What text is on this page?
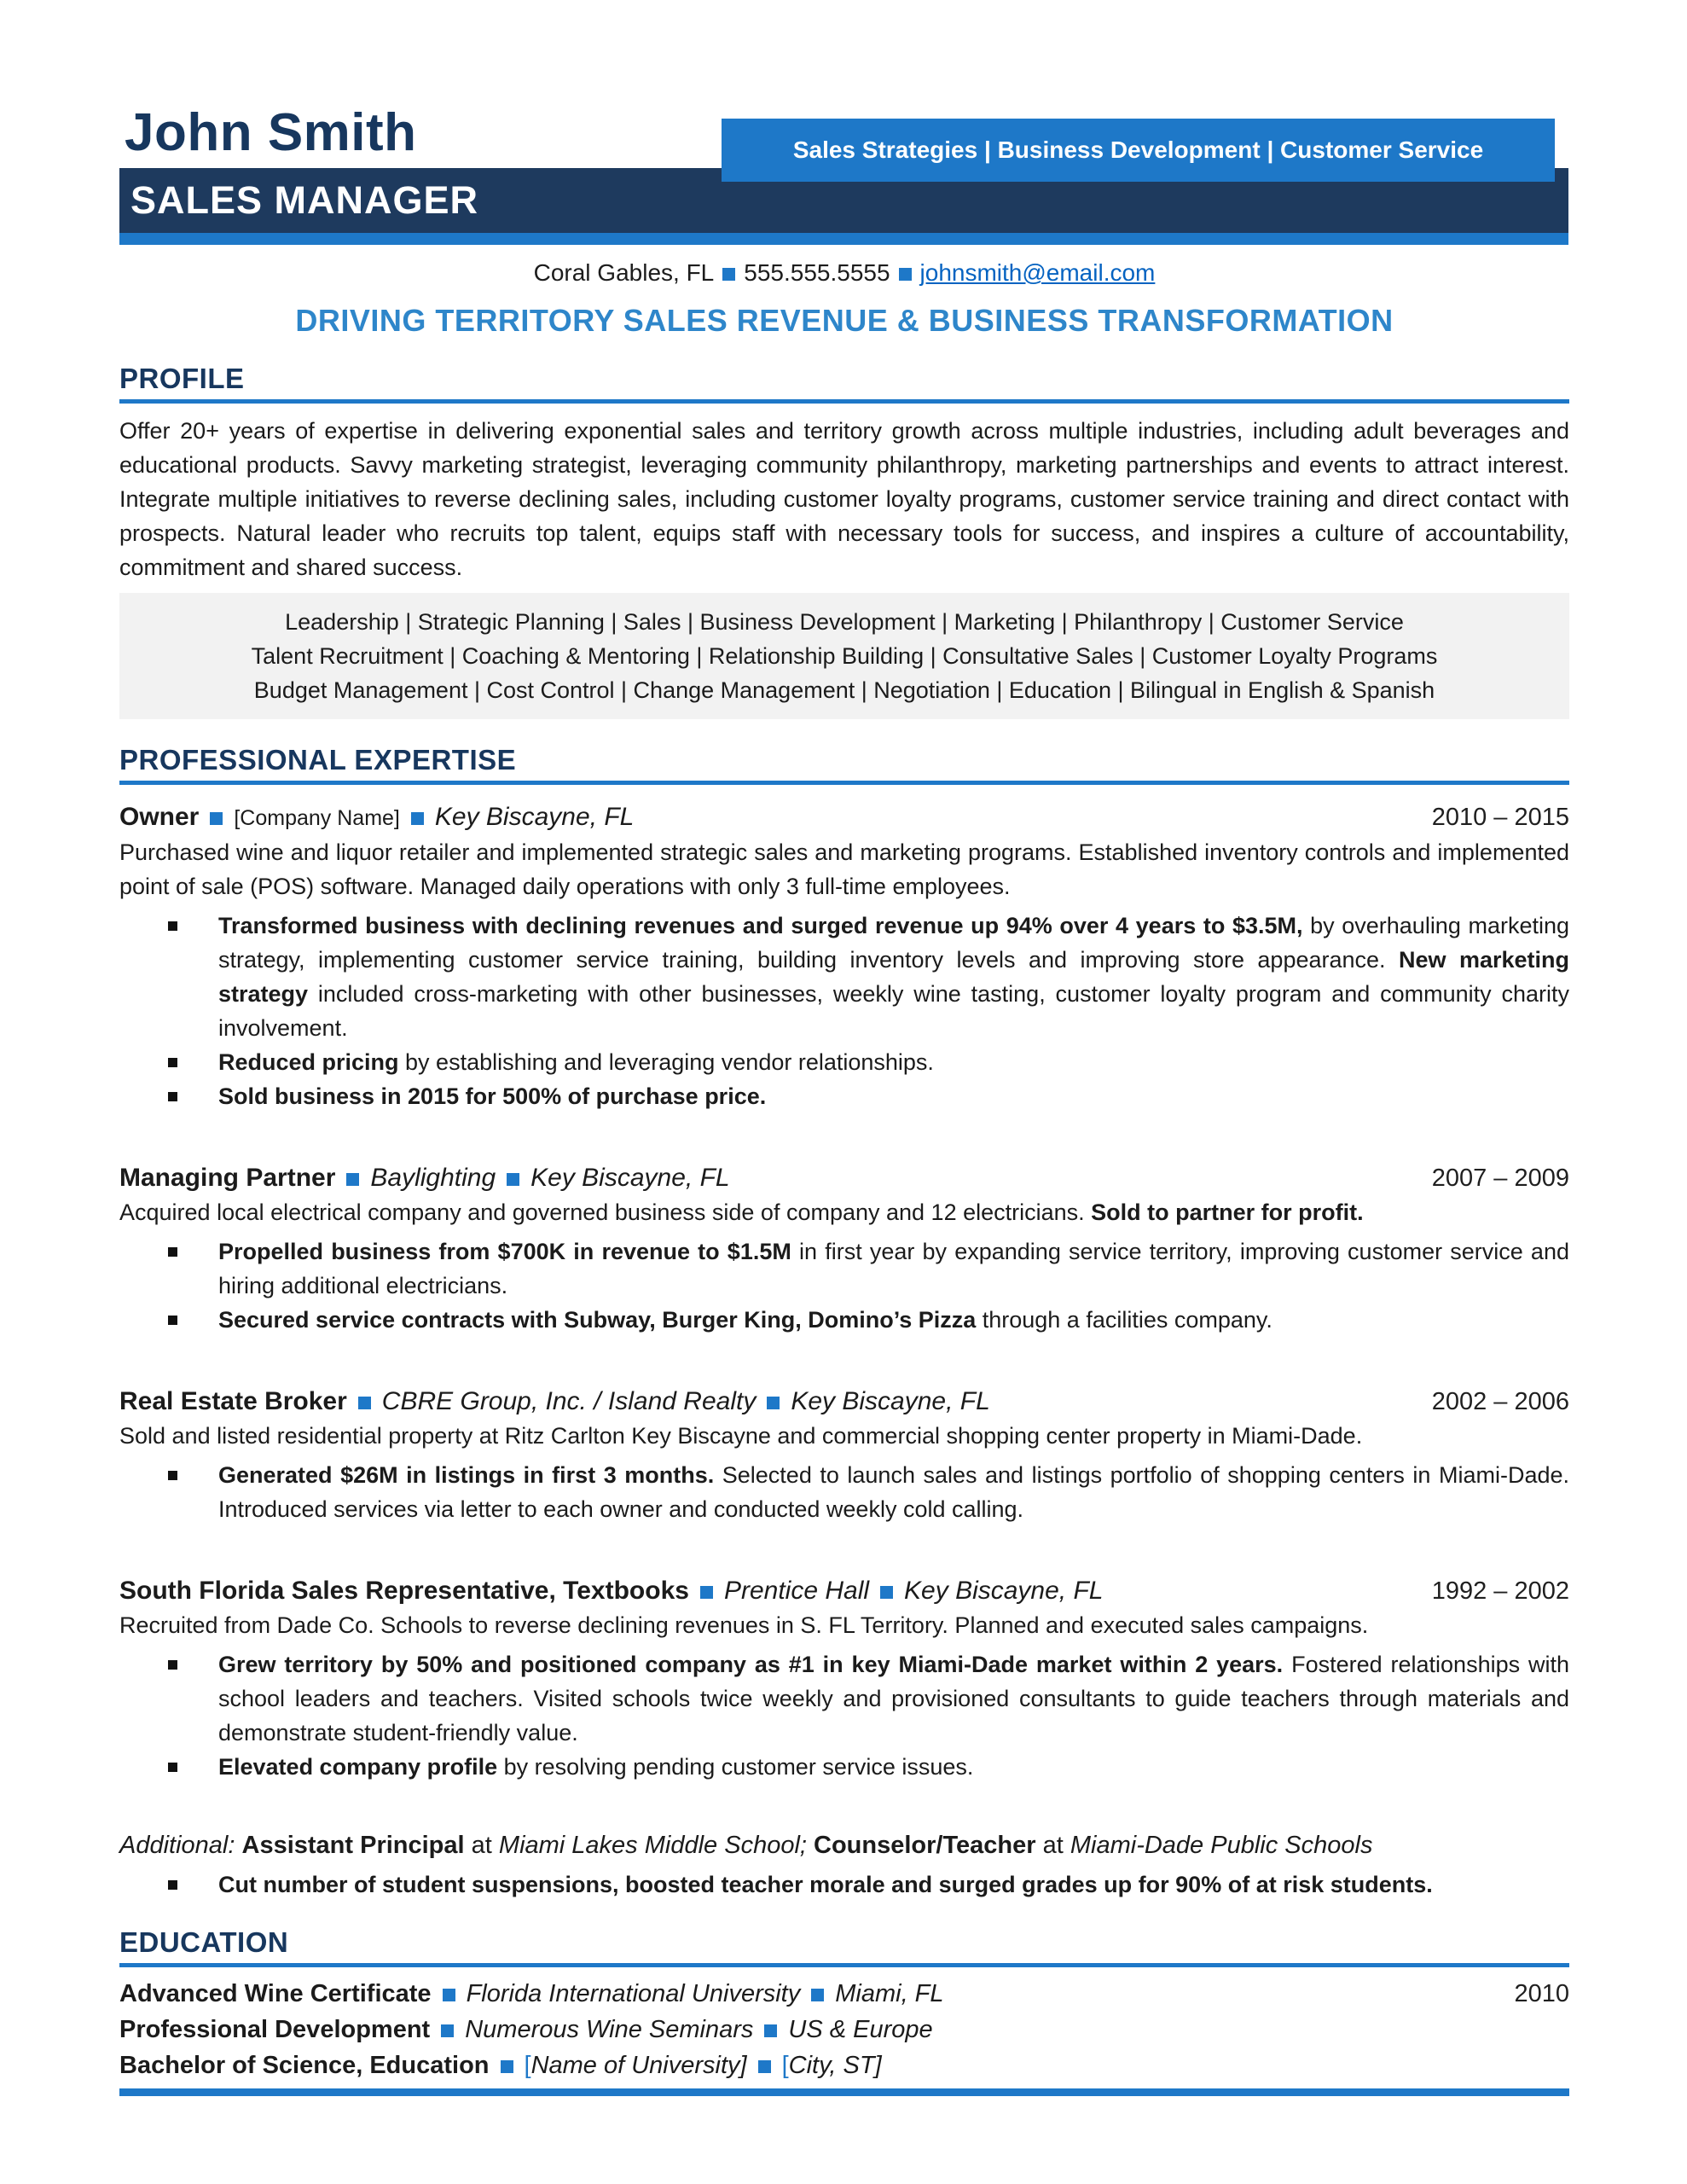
John Smith	Sales Strategies | Business Development | Customer Service
SALES MANAGER
Coral Gables, FL 555.555.5555 johnsmith@email.com
DRIVING TERRITORY SALES REVENUE & BUSINESS TRANSFORMATION
PROFILE
Offer 20+ years of expertise in delivering exponential sales and territory growth across multiple industries, including adult beverages and educational products. Savvy marketing strategist, leveraging community philanthropy, marketing partnerships and events to attract interest. Integrate multiple initiatives to reverse declining sales, including customer loyalty programs, customer service training and direct contact with prospects. Natural leader who recruits top talent, equips staff with necessary tools for success, and inspires a culture of accountability, commitment and shared success.
Leadership | Strategic Planning | Sales | Business Development | Marketing | Philanthropy | Customer Service
Talent Recruitment | Coaching & Mentoring | Relationship Building | Consultative Sales | Customer Loyalty Programs
Budget Management | Cost Control | Change Management | Negotiation | Education | Bilingual in English & Spanish
PROFESSIONAL EXPERTISE
2010 – 2015
Owner [Company Name] Key Biscayne, FL
Purchased wine and liquor retailer and implemented strategic sales and marketing programs. Established inventory controls and implemented point of sale (POS) software. Managed daily operations with only 3 full-time employees.
Transformed business with declining revenues and surged revenue up 94% over 4 years to $3.5M, by overhauling marketing strategy, implementing customer service training, building inventory levels and improving store appearance. New marketing strategy included cross-marketing with other businesses, weekly wine tasting, customer loyalty program and community charity involvement.
Reduced pricing by establishing and leveraging vendor relationships.
Sold business in 2015 for 500% of purchase price.
2007 – 2009
Managing Partner Baylighting Key Biscayne, FL
Acquired local electrical company and governed business side of company and 12 electricians. Sold to partner for profit.
Propelled business from $700K in revenue to $1.5M in first year by expanding service territory, improving customer service and hiring additional electricians.
Secured service contracts with Subway, Burger King, Domino’s Pizza through a facilities company.
2002 – 2006
Real Estate Broker CBRE Group, Inc. / Island Realty Key Biscayne, FL
Sold and listed residential property at Ritz Carlton Key Biscayne and commercial shopping center property in Miami-Dade.
Generated $26M in listings in first 3 months. Selected to launch sales and listings portfolio of shopping centers in Miami-Dade. Introduced services via letter to each owner and conducted weekly cold calling.
1992 – 2002
South Florida Sales Representative, Textbooks Prentice Hall Key Biscayne, FL
Recruited from Dade Co. Schools to reverse declining revenues in S. FL Territory. Planned and executed sales campaigns.
Grew territory by 50% and positioned company as #1 in key Miami-Dade market within 2 years. Fostered relationships with school leaders and teachers. Visited schools twice weekly and provisioned consultants to guide teachers through materials and demonstrate student-friendly value.
Elevated company profile by resolving pending customer service issues.
Additional: Assistant Principal at Miami Lakes Middle School; Counselor/Teacher at Miami-Dade Public Schools
Cut number of student suspensions, boosted teacher morale and surged grades up for 90% of at risk students.
EDUCATION
2010
Advanced Wine Certificate Florida International University Miami, FL
Professional Development Numerous Wine Seminars US & Europe
Bachelor of Science, Education [Name of University] [City, ST]
